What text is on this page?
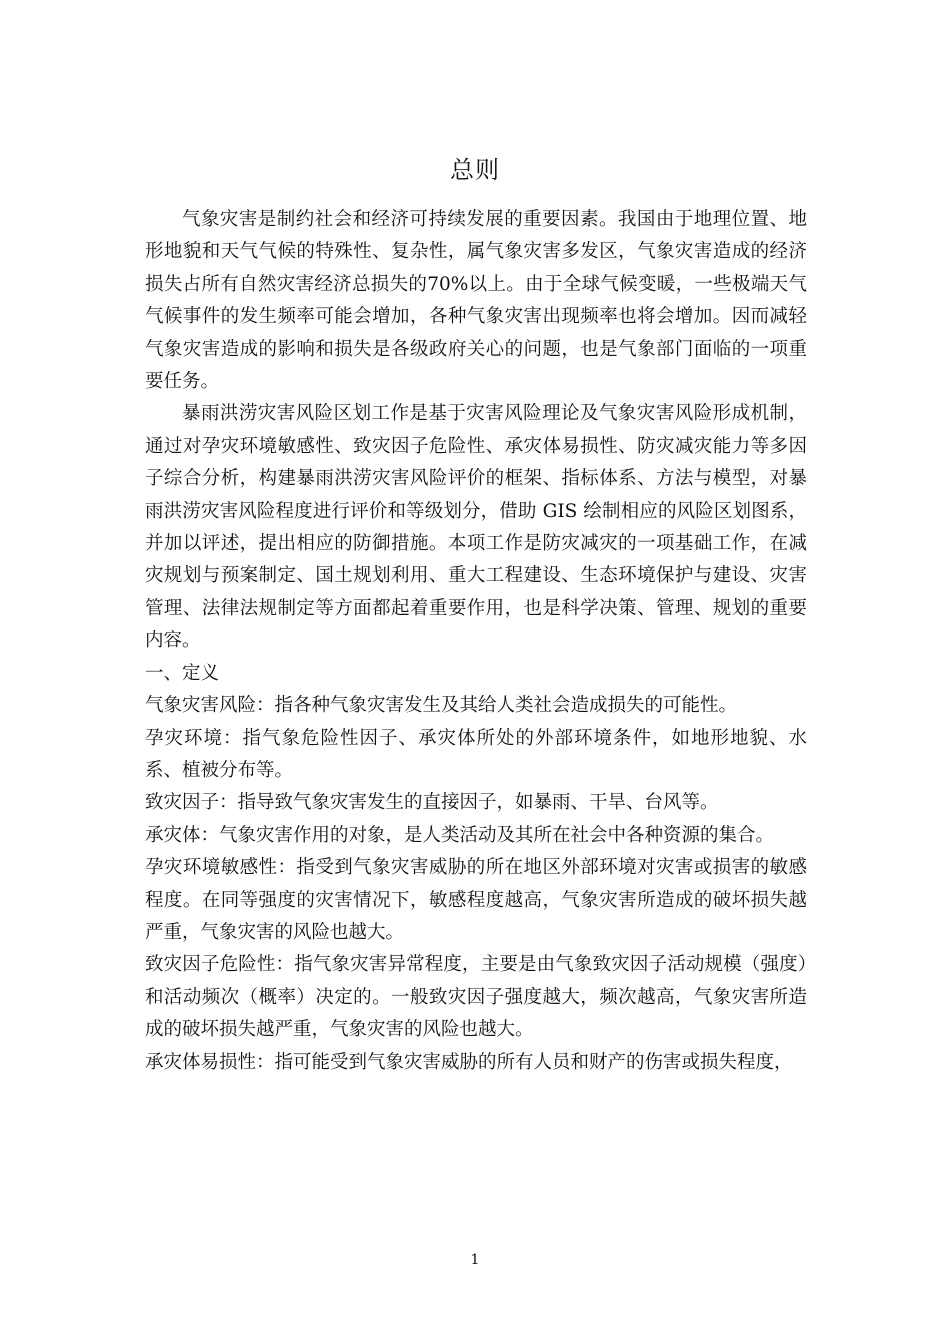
总则

气象灾害是制约社会和经济可持续发展的重要因素。我国由于地理位置、地形地貌和天气气候的特殊性、复杂性，属气象灾害多发区，气象灾害造成的经济损失占所有自然灾害经济总损失的70%以上。由于全球气候变暖，一些极端天气气候事件的发生频率可能会增加，各种气象灾害出现频率也将会增加。因而减轻气象灾害造成的影响和损失是各级政府关心的问题，也是气象部门面临的一项重要任务。

暴雨洪涝灾害风险区划工作是基于灾害风险理论及气象灾害风险形成机制，通过对孕灾环境敏感性、致灾因子危险性、承灾体易损性、防灾减灾能力等多因子综合分析，构建暴雨洪涝灾害风险评价的框架、指标体系、方法与模型，对暴雨洪涝灾害风险程度进行评价和等级划分，借助 GIS 绘制相应的风险区划图系，并加以评述，提出相应的防御措施。本项工作是防灾减灾的一项基础工作，在减灾规划与预案制定、国土规划利用、重大工程建设、生态环境保护与建设、灾害管理、法律法规制定等方面都起着重要作用，也是科学决策、管理、规划的重要内容。

一、定义

气象灾害风险：指各种气象灾害发生及其给人类社会造成损失的可能性。

孕灾环境：指气象危险性因子、承灾体所处的外部环境条件，如地形地貌、水系、植被分布等。

致灾因子：指导致气象灾害发生的直接因子，如暴雨、干旱、台风等。

承灾体：气象灾害作用的对象，是人类活动及其所在社会中各种资源的集合。

孕灾环境敏感性：指受到气象灾害威胁的所在地区外部环境对灾害或损害的敏感程度。在同等强度的灾害情况下，敏感程度越高，气象灾害所造成的破坏损失越严重，气象灾害的风险也越大。

致灾因子危险性：指气象灾害异常程度，主要是由气象致灾因子活动规模（强度）和活动频次（概率）决定的。一般致灾因子强度越大，频次越高，气象灾害所造成的破坏损失越严重，气象灾害的风险也越大。

承灾体易损性：指可能受到气象灾害威胁的所有人员和财产的伤害或损失程度，

1
